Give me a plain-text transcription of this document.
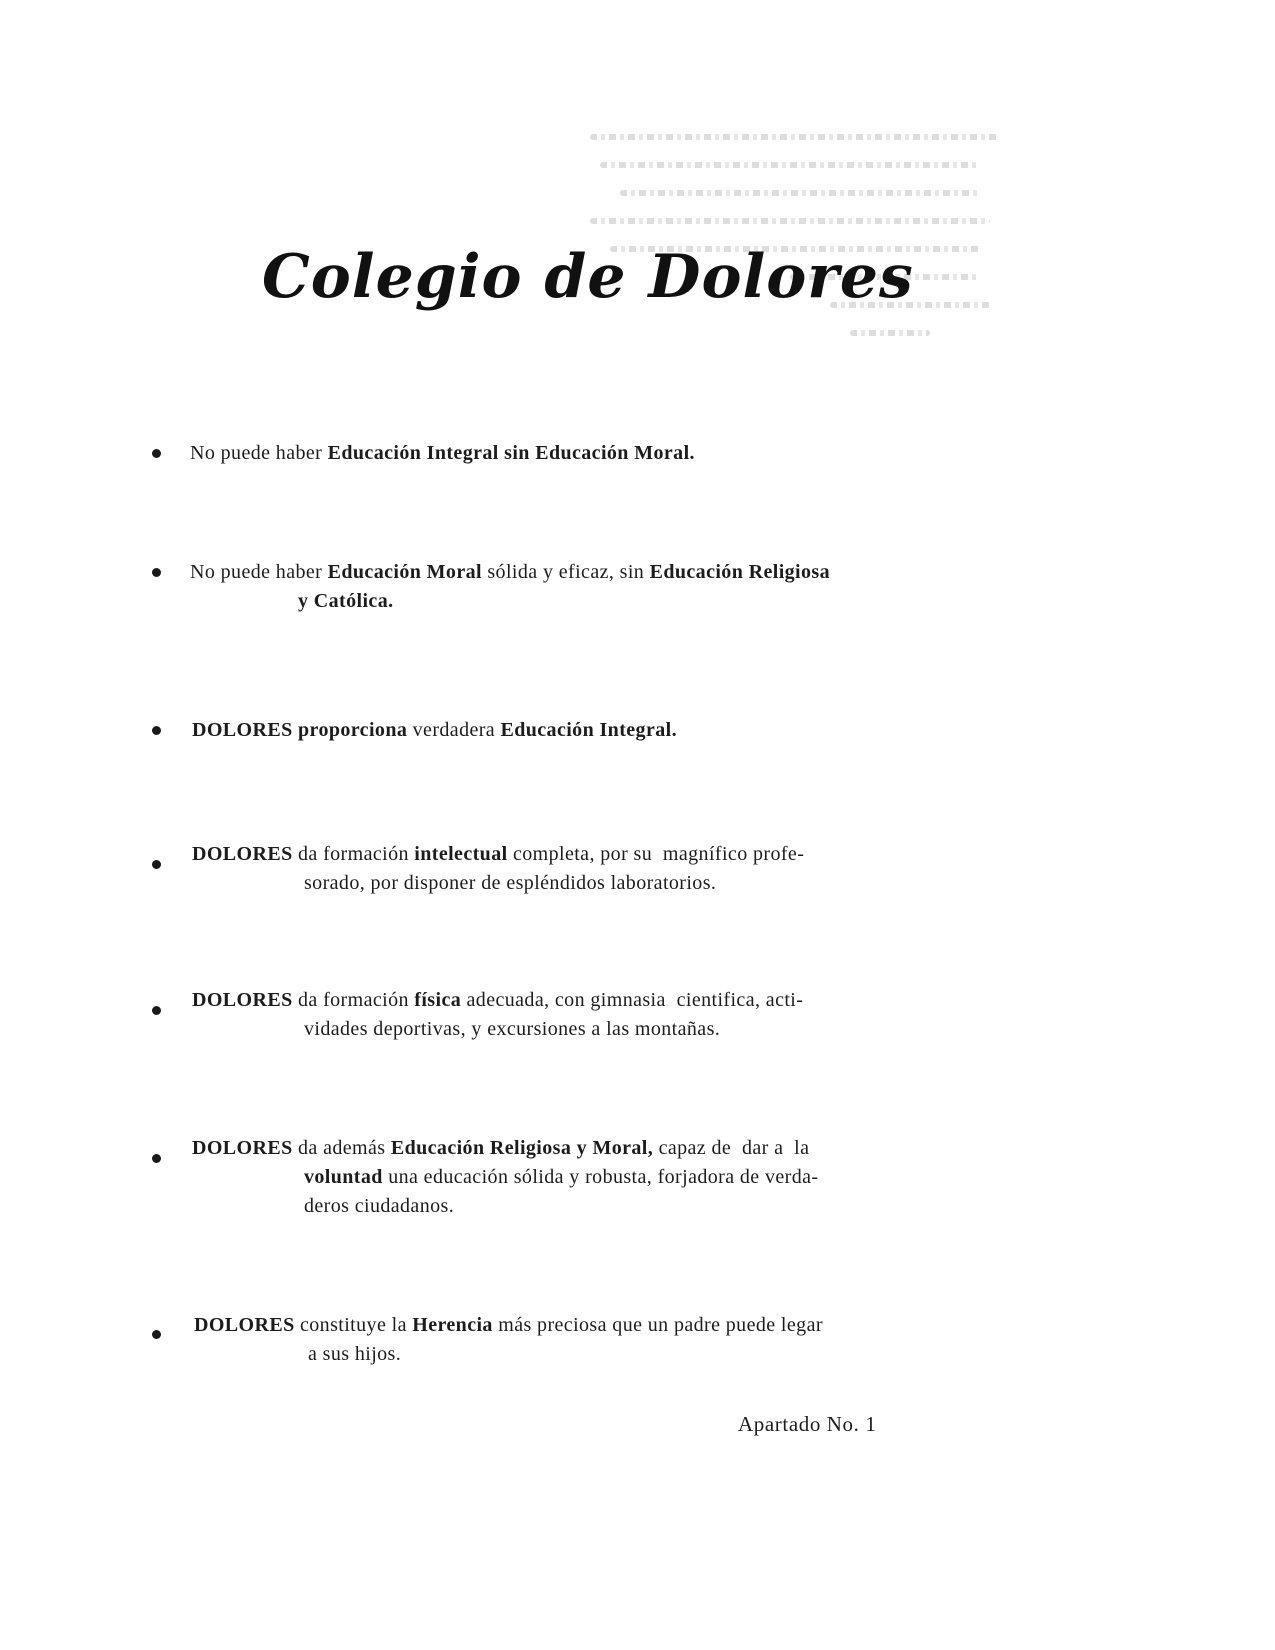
Colegio de Dolores

No puede haber Educación Integral sin Educación Moral.

No puede haber Educación Moral sólida y eficaz, sin Educación Religiosa
y Católica.

DOLORES proporciona verdadera Educación Integral.

DOLORES da formación intelectual completa, por su  magnífico profe-
sorado, por disponer de espléndidos laboratorios.

DOLORES da formación física adecuada, con gimnasia  cientifica, acti-
vidades deportivas, y excursiones a las montañas.

DOLORES da además Educación Religiosa y Moral, capaz de  dar a  la
voluntad una educación sólida y robusta, forjadora de verda-
deros ciudadanos.

DOLORES constituye la Herencia más preciosa que un padre puede legar
a sus hijos.

Apartado No. 1
